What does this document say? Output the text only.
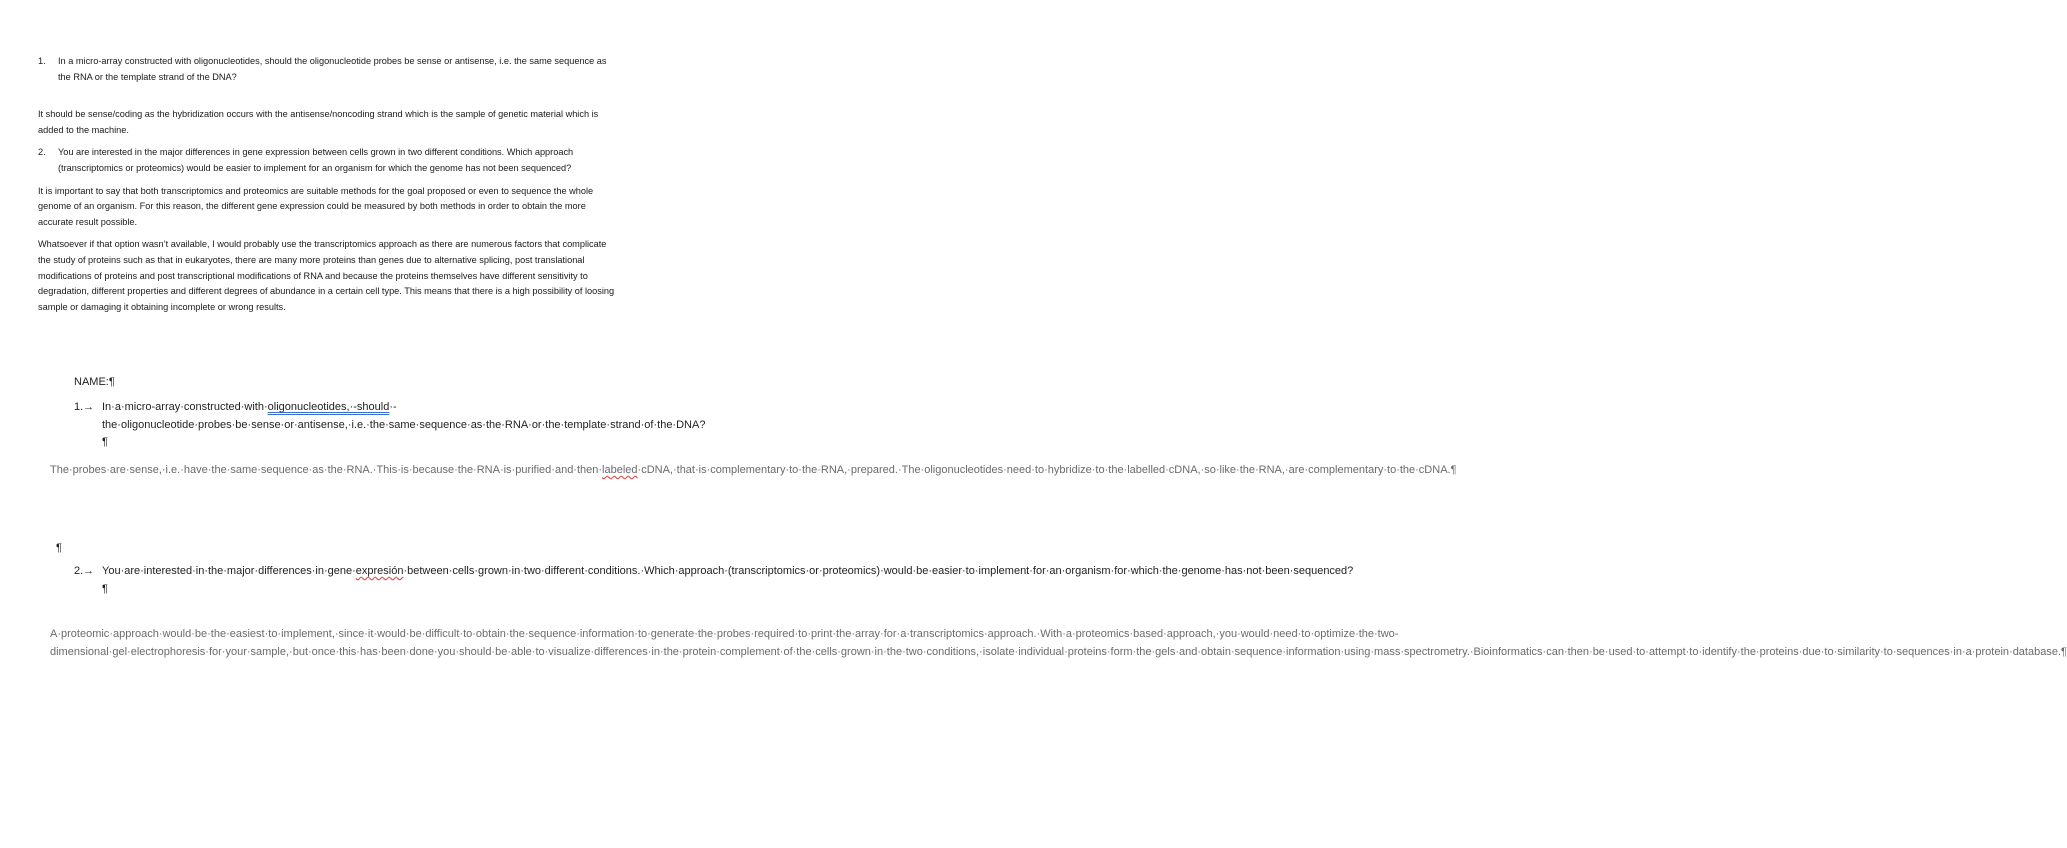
1. In a micro-array constructed with oligonucleotides, should the oligonucleotide probes be sense or antisense, i.e. the same sequence as the RNA or the template strand of the DNA?

It should be sense/coding as the hybridization occurs with the antisense/noncoding strand which is the sample of genetic material which is added to the machine.

2. You are interested in the major differences in gene expression between cells grown in two different conditions. Which approach (transcriptomics or proteomics) would be easier to implement for an organism for which the genome has not been sequenced?

It is important to say that both transcriptomics and proteomics are suitable methods for the goal proposed or even to sequence the whole genome of an organism. For this reason, the different gene expression could be measured by both methods in order to obtain the more accurate result possible.

Whatsoever if that option wasn’t available, I would probably use the transcriptomics approach as there are numerous factors that complicate the study of proteins such as that in eukaryotes, there are many more proteins than genes due to alternative splicing, post translational modifications of proteins and post transcriptional modifications of RNA and because the proteins themselves have different sensitivity to degradation, different properties and different degrees of abundance in a certain cell type. This means that there is a high possibility of loosing sample or damaging it obtaining incomplete or wrong results.

NAME:¶
1.→ In·a·micro-array·constructed·with·oligonucleotides,·-should·-the·oligonucleotide·probes·be·sense·or·antisense,·i.e.·the·same·sequence·as·the·RNA·or·the·template·strand·of·the·DNA?¶
The·probes·are·sense,·i.e.·have·the·same·sequence·as·the·RNA.·This·is·because·the·RNA·is·purified·and·then·labeled·cDNA,·that·is·complementary·to·the·RNA,·prepared.·The·oligonucleotides·need·to·hybridize·to·the·labelled·cDNA,·so·like·the·RNA,·are·complementary·to·the·cDNA.¶
¶
2.→ You·are·interested·in·the·major·differences·in·gene·expresión·between·cells·grown·in·two·different·conditions.·Which·approach·(transcriptomics·or·proteomics)·would·be·easier·to·implement·for·an·organism·for·which·the·genome·has·not·been·sequenced?¶
A·proteomic·approach·would·be·the·easiest·to·implement,·since·it·would·be·difficult·to·obtain·the·sequence·information·to·generate·the·probes·required·to·print·the·array·for·a·transcriptomics·approach.·With·a·proteomics·based·approach,·you·would·need·to·optimize·the·two-dimensional·gel·electrophoresis·for·your·sample,·but·once·this·has·been·done·you·should·be·able·to·visualize·differences·in·the·protein·complement·of·the·cells·grown·in·the·two·conditions,·isolate·individual·proteins·form·the·gels·and·obtain·sequence·information·using·mass·spectrometry.·Bioinformatics·can·then·be·used·to·attempt·to·identify·the·proteins·due·to·similarity·to·sequences·in·a·protein·database.¶
